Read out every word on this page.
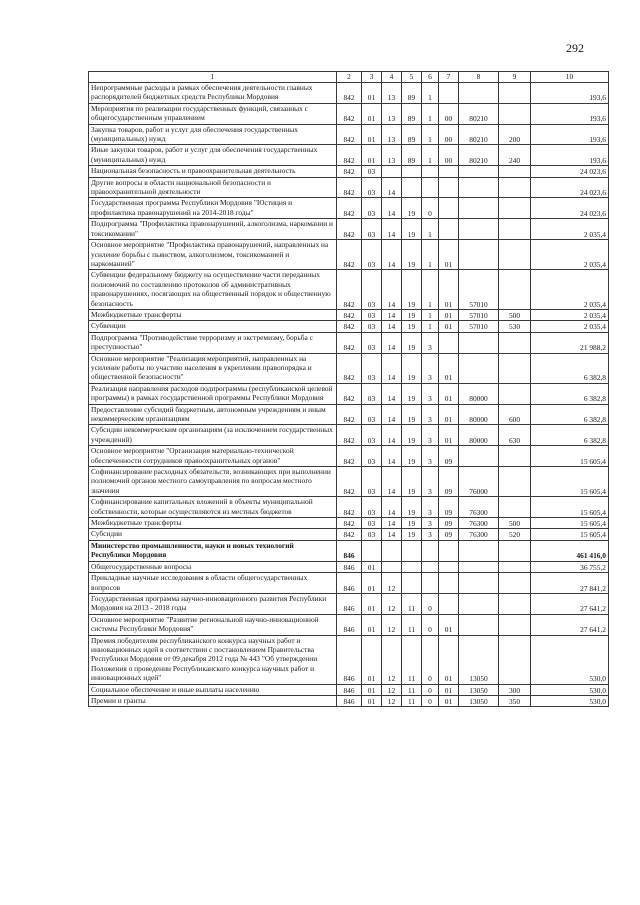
292
1	2	3	4	5	6	7	8	9	10
Непрограммные расходы в рамках обеспечения деятельности главных распорядителей бюджетных средств Республики Мордовия	842	01	13	89	1				193,6
Мероприятия по реализации государственных функций, связанных с общегосударственным управлением	842	01	13	89	1	00	80210		193,6
Закупка товаров, работ и услуг для обеспечения государственных (муниципальных) нужд	842	01	13	89	1	00	80210	200	193,6
Иные закупки товаров, работ и услуг для обеспечения государственных (муниципальных) нужд	842	01	13	89	1	00	80210	240	193,6
Национальная безопасность и правоохранительная деятельность	842	03							24 023,6
Другие вопросы в области национальной безопасности и правоохранительной деятельности	842	03	14						24 023,6
Государственная программа Республики Мордовия "Юстиция и профилактика правонарушений на 2014-2018 годы"	842	03	14	19	0				24 023,6
Подпрограмма "Профилактика правонарушений, алкоголизма, наркомании и токсикомании"	842	03	14	19	1				2 035,4
Основное мероприятие "Профилактика правонарушений, направленных на усиление борьбы с пьянством, алкоголизмом, токсикоманией и наркоманией"	842	03	14	19	1	01			2 035,4
Субвенции федеральному бюджету на осуществление части переданных полномочий по составлению протоколов об административных правонарушениях, посягающих на общественный порядок и общественную безопасность	842	03	14	19	1	01	57010		2 035,4
Межбюджетные трансферты	842	03	14	19	1	01	57010	500	2 035,4
Субвенции	842	03	14	19	1	01	57010	530	2 035,4
Подпрограмма "Противодействие терроризму и экстремизму, борьба с преступностью"	842	03	14	19	3				21 988,2
Основное мероприятие "Реализация мероприятий, направленных на усиление работы по участию населения в укреплении правопорядка и общественной безопасности"	842	03	14	19	3	01			6 382,8
Реализация направления расходов подпрограммы (республиканской целевой программы) в рамках государственной программы Республики Мордовия	842	03	14	19	3	01	80000		6 382,8
Предоставление субсидий бюджетным, автономным учреждениям и иным некоммерческим организациям	842	03	14	19	3	01	80000	600	6 382,8
Субсидии некоммерческим организациям (за исключением государственных учреждений)	842	03	14	19	3	01	80000	630	6 382,8
Основное мероприятие "Организация материально-технической обеспеченности сотрудников правоохранительных органов"	842	03	14	19	3	09			15 605,4
Софинансирование расходных обязательств, возникающих при выполнении полномочий органов местного самоуправления по вопросам местного значения	842	03	14	19	3	09	76000		15 605,4
Софинансирование капитальных вложений в объекты муниципальной собственности, которые осуществляются из местных бюджетов	842	03	14	19	3	09	76300		15 605,4
Межбюджетные трансферты	842	03	14	19	3	09	76300	500	15 605,4
Субсидии	842	03	14	19	3	09	76300	520	15 605,4
Министерство промышленности, науки и новых технологий Республики Мордовия	846								461 416,0
Общегосударственные вопросы	846	01							36 755,2
Прикладные научные исследования в области общегосударственных вопросов	846	01	12						27 841,2
Государственная программа научно-инновационного развития Республики Мордовия на 2013 - 2018 годы	846	01	12	11	0				27 641,2
Основное мероприятие "Развитие региональной научно-инновационной системы Республики Мордовия"	846	01	12	11	0	01			27 641,2
Премия победителям республиканского конкурса научных работ и инновационных идей в соответствии с постановлением Правительства Республики Мордовия от 09 декабря 2012 года № 443 "Об утверждении Положения о проведении Республиканского конкурса научных работ и инновационных идей"	846	01	12	11	0	01	13050		530,0
Социальное обеспечение и иные выплаты населению	846	01	12	11	0	01	13050	300	530,0
Премии и гранты	846	01	12	11	0	01	13050	350	530,0
